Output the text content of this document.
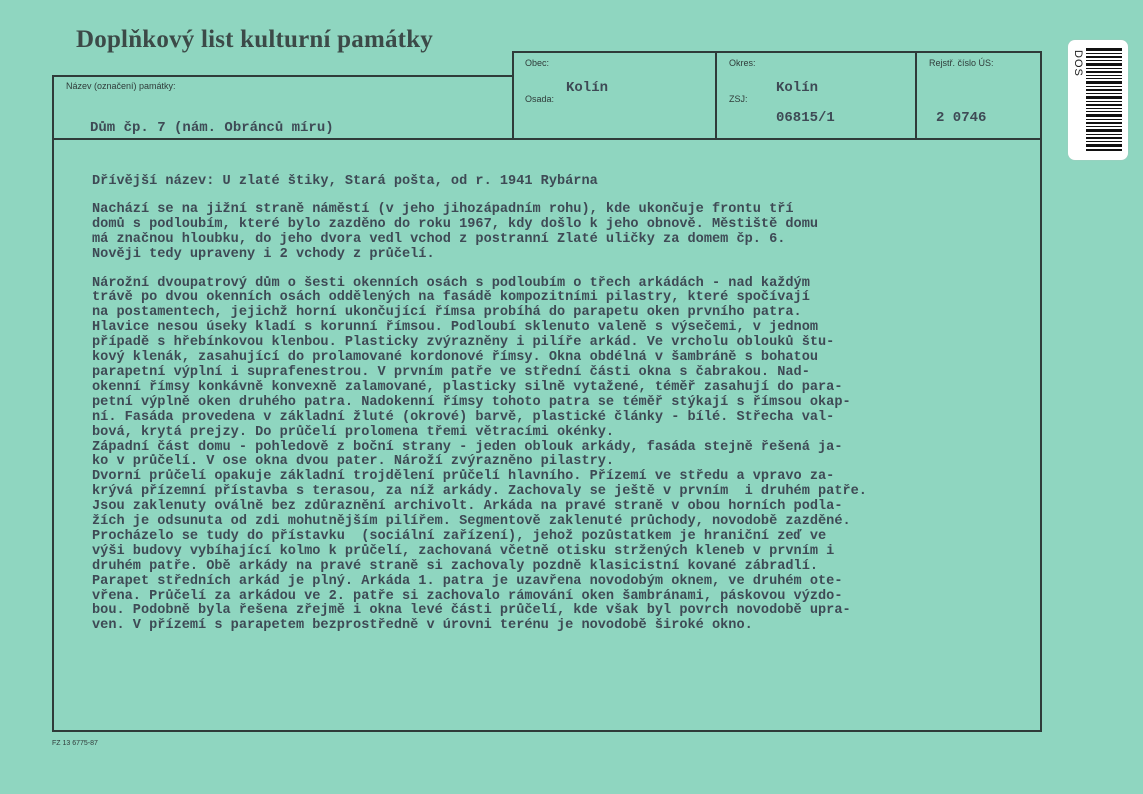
Doplňkový list kulturní památky
Název (označení) památky:
Obec:
Osada:
Okres:
ZSJ:
Rejstř. číslo ÚS:
Kolín	Kolín
06815/1	2 0746
Dům čp. 7 (nám. Obránců míru)

Dřívější název: U zlaté štiky, Stará pošta, od r. 1941 Rybárna

Nachází se na jižní straně náměstí (v jeho jihozápadním rohu), kde ukončuje frontu tří

domů s podloubím, které bylo zazděno do roku 1967, kdy došlo k jeho obnově. Městiště domu

má značnou hloubku, do jeho dvora vedl vchod z postranní Zlaté uličky za domem čp. 6.

Nověji tedy upraveny i 2 vchody z průčelí.

Nárožní dvoupatrový dům o šesti okenních osách s podloubím o třech arkádách - nad každým

trávě po dvou okenních osách oddělených na fasádě kompozitními pilastry, které spočívají

na postamentech, jejichž horní ukončující římsa probíhá do parapetu oken prvního patra.

Hlavice nesou úseky kladí s korunní římsou. Podloubí sklenuto valeně s výsečemi, v jednom

případě s hřebínkovou klenbou. Plasticky zvýrazněny i pilíře arkád. Ve vrcholu oblouků štu-

kový klenák, zasahující do prolamované kordonové římsy. Okna obdélná v šambráně s bohatou

parapetní výplní i suprafenestrou. V prvním patře ve střední části okna s čabrakou. Nad-

okenní římsy konkávně konvexně zalamované, plasticky silně vytažené, téměř zasahují do para-

petní výplně oken druhého patra. Nadokenní římsy tohoto patra se téměř stýkají s římsou okap-

ní. Fasáda provedena v základní žluté (okrové) barvě, plastické články - bílé. Střecha val-

bová, krytá prejzy. Do průčelí prolomena třemi větracími okénky.

Západní část domu - pohledově z boční strany - jeden oblouk arkády, fasáda stejně řešená ja-

ko v průčelí. V ose okna dvou pater. Nároží zvýrazněno pilastry.

Dvorní průčelí opakuje základní trojdělení průčelí hlavního. Přízemí ve středu a vpravo za-

krývá přízemní přístavba s terasou, za níž arkády. Zachovaly se ještě v prvním  i druhém patře.

Jsou zaklenuty oválně bez zdůraznění archivolt. Arkáda na pravé straně v obou horních podla-

žích je odsunuta od zdi mohutnějším pilířem. Segmentově zaklenuté průchody, novodobě zazděné.

Procházelo se tudy do přístavku  (sociální zařízení), jehož pozůstatkem je hraniční zeď ve

výši budovy vybíhající kolmo k průčelí, zachovaná včetně otisku stržených kleneb v prvním i

druhém patře. Obě arkády na pravé straně si zachovaly pozdně klasicistní kované zábradlí.

Parapet středních arkád je plný. Arkáda 1. patra je uzavřena novodobým oknem, ve druhém ote-

vřena. Průčelí za arkádou ve 2. patře si zachovalo rámování oken šambránami, páskovou výzdo-

bou. Podobně byla řešena zřejmě i okna levé části průčelí, kde však byl povrch novodobě upra-

ven. V přízemí s parapetem bezprostředně v úrovni terénu je novodobě široké okno.

FZ 13 6775-87
DOS
